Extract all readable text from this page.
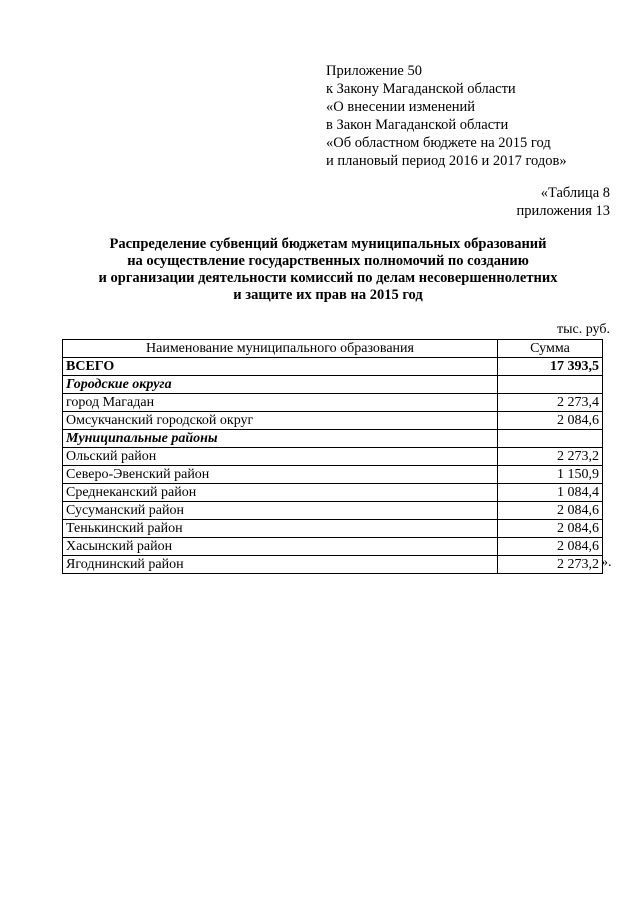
Приложение 50
к Закону Магаданской области
«О внесении изменений
в Закон Магаданской области
«Об областном бюджете на 2015 год
и плановый период 2016 и 2017 годов»
«Таблица 8
приложения 13
Распределение субвенций бюджетам муниципальных образований
на осуществление государственных полномочий по созданию
и организации деятельности комиссий по делам несовершеннолетних
и защите их прав на 2015 год
тыс. руб.
Наименование муниципального образования	Сумма
ВСЕГО	17 393,5
Городские округа	
город Магадан	2 273,4
Омсукчанский городской округ	2 084,6
Муниципальные районы	
Ольский район	2 273,2
Северо-Эвенский район	1 150,9
Среднеканский район	1 084,4
Сусуманский район	2 084,6
Тенькинский район	2 084,6
Хасынский район	2 084,6
Ягоднинский район	2 273,2 ».
